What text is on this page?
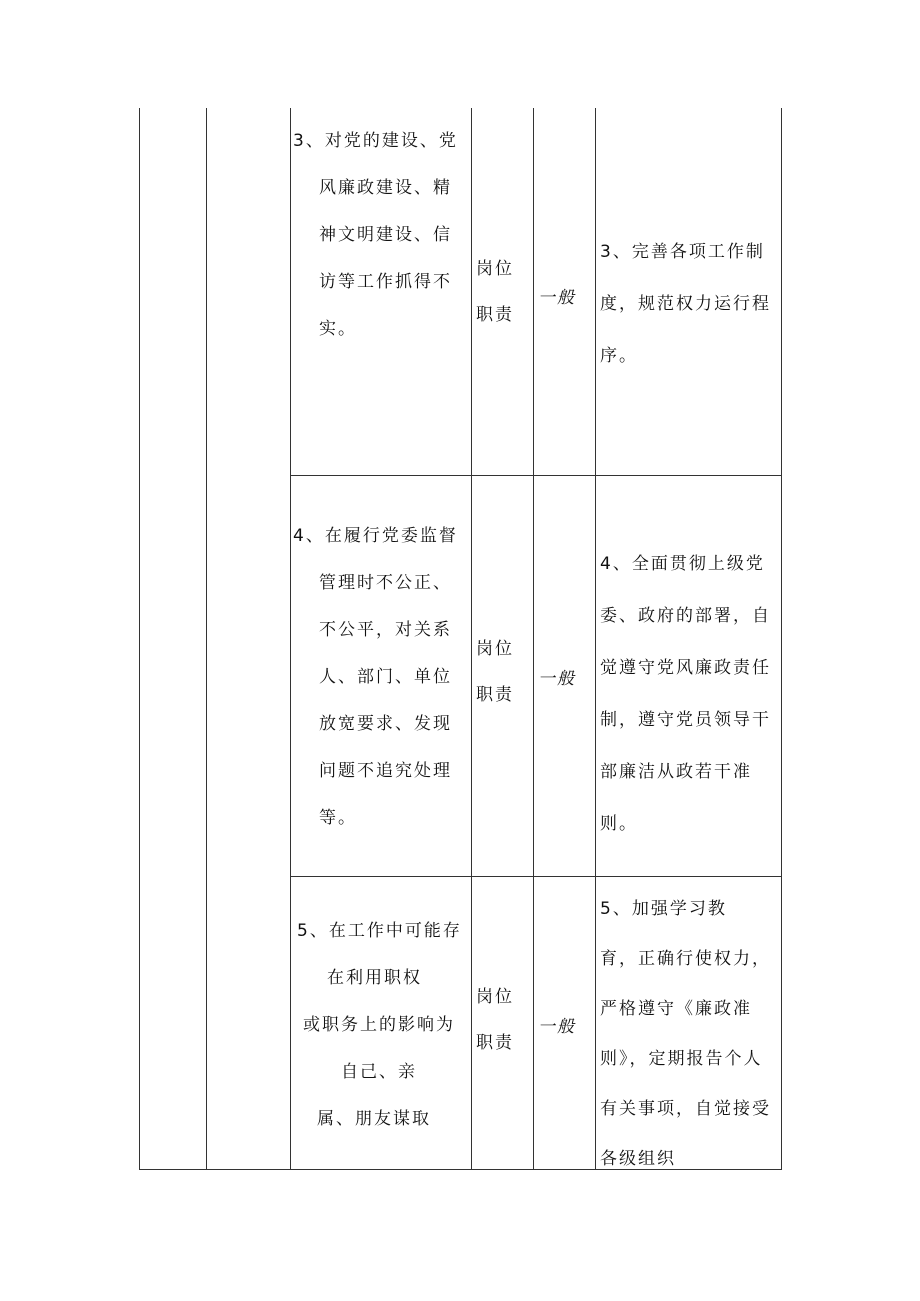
3、对党的建设、党
风廉政建设、精
神文明建设、信
访等工作抓得不
实。
岗位
职责
一般
3、完善各项工作制
度，规范权力运行程
序。
4、在履行党委监督
管理时不公正、
不公平，对关系
人、部门、单位
放宽要求、发现
问题不追究处理
等。
岗位
职责
一般
4、全面贯彻上级党
委、政府的部署，自
觉遵守党风廉政责任
制，遵守党员领导干
部廉洁从政若干准
则。
5、在工作中可能存
在利用职权
或职务上的影响为
自己、亲
属、朋友谋取
岗位
职责
一般
5、加强学习教
育，正确行使权力，
严格遵守《廉政准
则》，定期报告个人
有关事项，自觉接受
各级组织
